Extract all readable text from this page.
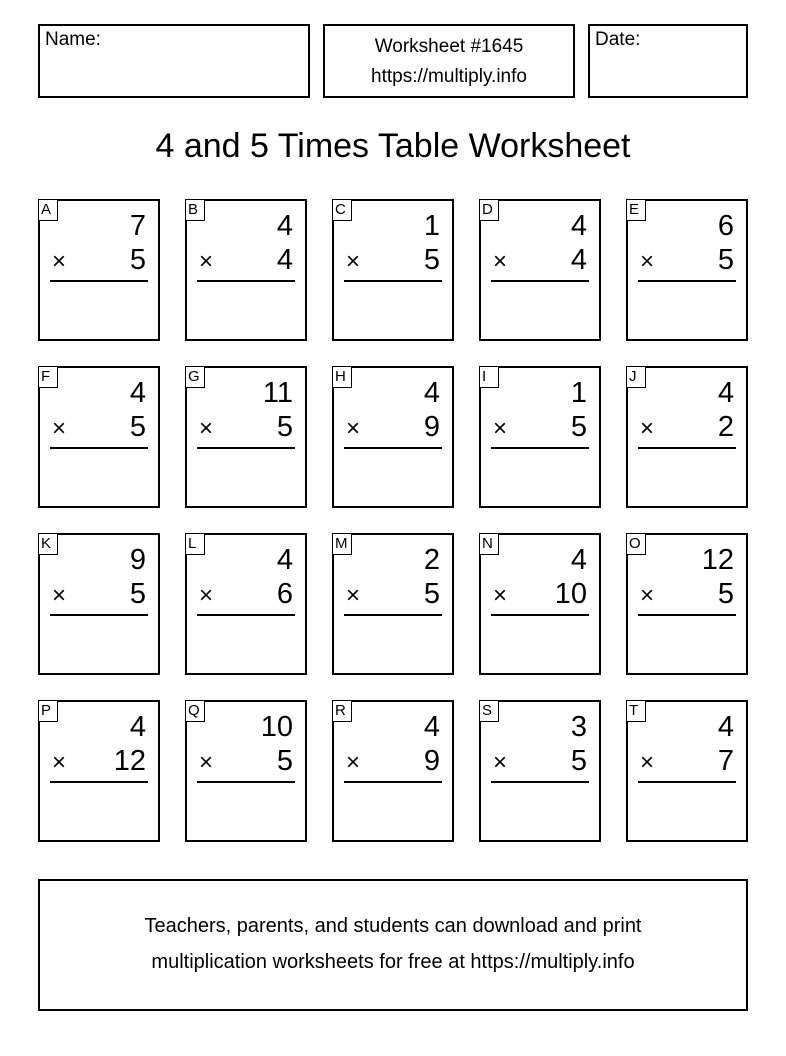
Name:	Worksheet #1645
https://multiply.info
Date:
4 and 5 Times Table Worksheet
A
7
× 5
B
4
× 4
C
1
× 5
D
4
× 4
E
6
× 5
F
4
× 5
G
11
× 5
H
4
× 9
I
1
× 5
J
4
× 2
K
9
× 5
L
4
× 6
M
2
× 5
N
4
× 10
O
12
× 5
P
4
× 12
Q
10
× 5
R
4
× 9
S
3
× 5
T
4
× 7
Teachers, parents, and students can download and print
multiplication worksheets for free at https://multiply.info
